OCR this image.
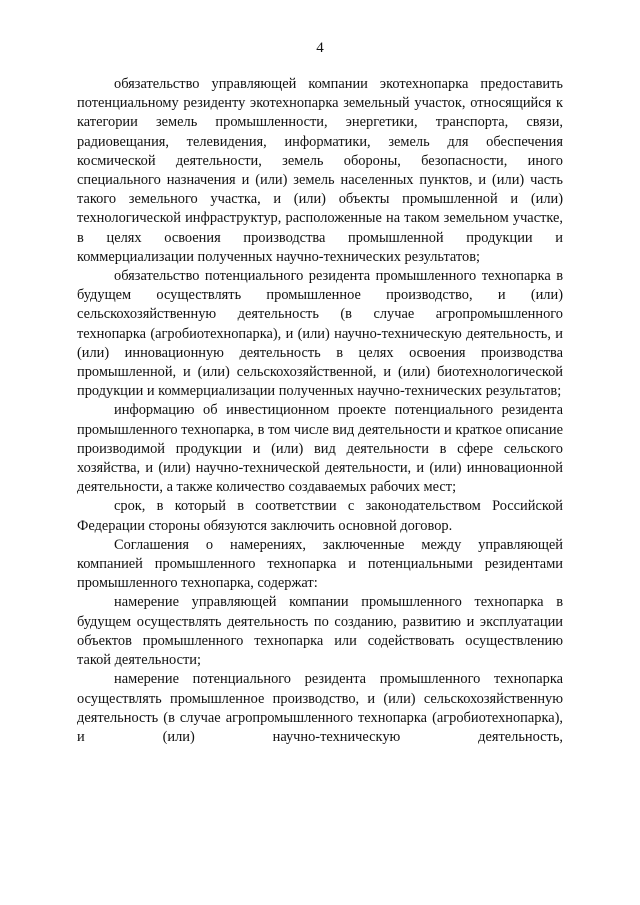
4

обязательство управляющей компании экотехнопарка предоставить потенциальному резиденту экотехнопарка земельный участок, относящийся к категории земель промышленности, энергетики, транспорта, связи, радиовещания, телевидения, информатики, земель для обеспечения космической деятельности, земель обороны, безопасности, иного специального назначения и (или) земель населенных пунктов, и (или) часть такого земельного участка, и (или) объекты промышленной и (или) технологической инфраструктур, расположенные на таком земельном участке, в целях освоения производства промышленной продукции и коммерциализации полученных научно-технических результатов;

обязательство потенциального резидента промышленного технопарка в будущем осуществлять промышленное производство, и (или) сельскохозяйственную деятельность (в случае агропромышленного технопарка (агробиотехнопарка), и (или) научно-техническую деятельность, и (или) инновационную деятельность в целях освоения производства промышленной, и (или) сельскохозяйственной, и (или) биотехнологической продукции и коммерциализации полученных научно-технических результатов;

информацию об инвестиционном проекте потенциального резидента промышленного технопарка, в том числе вид деятельности и краткое описание производимой продукции и (или) вид деятельности в сфере сельского хозяйства, и (или) научно-технической деятельности, и (или) инновационной деятельности, а также количество создаваемых рабочих мест;

срок, в который в соответствии с законодательством Российской Федерации стороны обязуются заключить основной договор.

Соглашения о намерениях, заключенные между управляющей компанией промышленного технопарка и потенциальными резидентами промышленного технопарка, содержат:

намерение управляющей компании промышленного технопарка в будущем осуществлять деятельность по созданию, развитию и эксплуатации объектов промышленного технопарка или содействовать осуществлению такой деятельности;

намерение потенциального резидента промышленного технопарка осуществлять промышленное производство, и (или) сельскохозяйственную деятельность (в случае агропромышленного технопарка (агробиотехнопарка), и (или) научно-техническую деятельность,
